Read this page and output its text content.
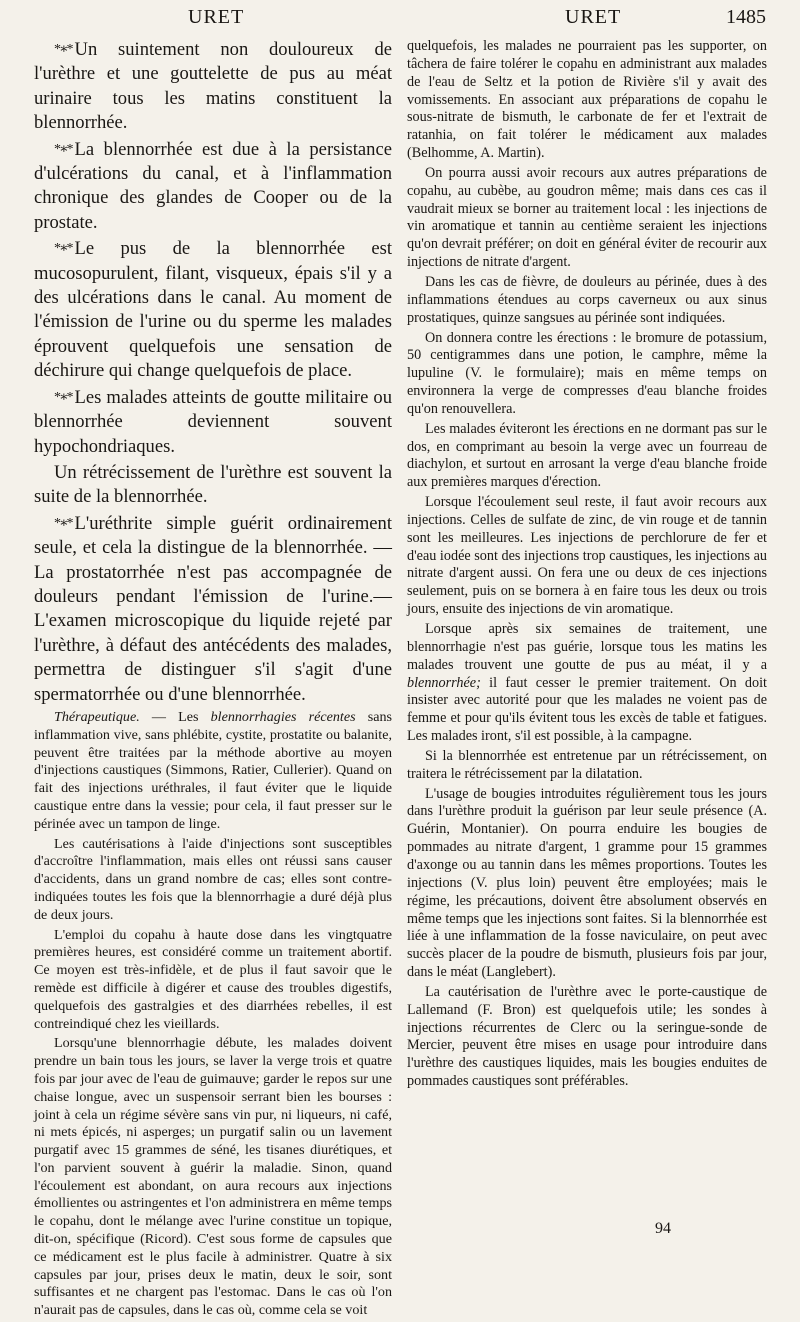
URET	URET	1485

*∗* Un suintement non douloureux de l'urèthre et une gouttelette de pus au méat urinaire tous les matins constituent la blennorrhée.

*∗* La blennorrhée est due à la persistance d'ulcérations du canal, et à l'inflammation chronique des glandes de Cooper ou de la prostate.

*∗* Le pus de la blennorrhée est mucosopurulent, filant, visqueux, épais s'il y a des ulcérations dans le canal. Au moment de l'émission de l'urine ou du sperme les malades éprouvent quelquefois une sensation de déchirure qui change quelquefois de place.

*∗* Les malades atteints de goutte militaire ou blennorrhée deviennent souvent hypochondriaques.

Un rétrécissement de l'urèthre est souvent la suite de la blennorrhée.

*∗* L'uréthrite simple guérit ordinairement seule, et cela la distingue de la blennorrhée. — La prostatorrhée n'est pas accompagnée de douleurs pendant l'émission de l'urine.—L'examen microscopique du liquide rejeté par l'urèthre, à défaut des antécédents des malades, permettra de distinguer s'il s'agit d'une spermatorrhée ou d'une blennorrhée.

Thérapeutique. — Les blennorrhagies récentes sans inflammation vive, sans phlébite, cystite, prostatite ou balanite, peuvent être traitées par la méthode abortive au moyen d'injections caustiques (Simmons, Ratier, Cullerier). Quand on fait des injections uréthrales, il faut éviter que le liquide caustique entre dans la vessie; pour cela, il faut presser sur le périnée avec un tampon de linge.

Les cautérisations à l'aide d'injections sont susceptibles d'accroître l'inflammation, mais elles ont réussi sans causer d'accidents, dans un grand nombre de cas; elles sont contre-indiquées toutes les fois que la blennorrhagie a duré déjà plus de deux jours.

L'emploi du copahu à haute dose dans les vingtquatre premières heures, est considéré comme un traitement abortif. Ce moyen est très-infidèle, et de plus il faut savoir que le remède est difficile à digérer et cause des troubles digestifs, quelquefois des gastralgies et des diarrhées rebelles, il est contreindiqué chez les vieillards.

Lorsqu'une blennorrhagie débute, les malades doivent prendre un bain tous les jours, se laver la verge trois et quatre fois par jour avec de l'eau de guimauve; garder le repos sur une chaise longue, avec un suspensoir serrant bien les bourses : joint à cela un régime sévère sans vin pur, ni liqueurs, ni café, ni mets épicés, ni asperges; un purgatif salin ou un lavement purgatif avec 15 grammes de séné, les tisanes diurétiques, et l'on parvient souvent à guérir la maladie. Sinon, quand l'écoulement est abondant, on aura recours aux injections émollientes ou astringentes et l'on administrera en même temps le copahu, dont le mélange avec l'urine constitue un topique, dit-on, spécifique (Ricord). C'est sous forme de capsules que ce médicament est le plus facile à administrer. Quatre à six capsules par jour, prises deux le matin, deux le soir, sont suffisantes et ne chargent pas l'estomac. Dans le cas où l'on n'aurait pas de capsules, dans le cas où, comme cela se voit

quelquefois, les malades ne pourraient pas les supporter, on tâchera de faire tolérer le copahu en administrant aux malades de l'eau de Seltz et la potion de Rivière s'il y avait des vomissements. En associant aux préparations de copahu le sous-nitrate de bismuth, le carbonate de fer et l'extrait de ratanhia, on fait tolérer le médicament aux malades (Belhomme, A. Martin).

On pourra aussi avoir recours aux autres préparations de copahu, au cubèbe, au goudron même; mais dans ces cas il vaudrait mieux se borner au traitement local : les injections de vin aromatique et tannin au centième seraient les injections qu'on devrait préférer; on doit en général éviter de recourir aux injections de nitrate d'argent.

Dans les cas de fièvre, de douleurs au périnée, dues à des inflammations étendues au corps caverneux ou aux sinus prostatiques, quinze sangsues au périnée sont indiquées.

On donnera contre les érections : le bromure de potassium, 50 centigrammes dans une potion, le camphre, même la lupuline (V. le formulaire); mais en même temps on environnera la verge de compresses d'eau blanche froides qu'on renouvellera.

Les malades éviteront les érections en ne dormant pas sur le dos, en comprimant au besoin la verge avec un fourreau de diachylon, et surtout en arrosant la verge d'eau blanche froide aux premières marques d'érection.

Lorsque l'écoulement seul reste, il faut avoir recours aux injections. Celles de sulfate de zinc, de vin rouge et de tannin sont les meilleures. Les injections de perchlorure de fer et d'eau iodée sont des injections trop caustiques, les injections au nitrate d'argent aussi. On fera une ou deux de ces injections seulement, puis on se bornera à en faire tous les deux ou trois jours, ensuite des injections de vin aromatique.

Lorsque après six semaines de traitement, une blennorrhagie n'est pas guérie, lorsque tous les matins les malades trouvent une goutte de pus au méat, il y a blennorrhée; il faut cesser le premier traitement. On doit insister avec autorité pour que les malades ne voient pas de femme et pour qu'ils évitent tous les excès de table et fatigues. Les malades iront, s'il est possible, à la campagne.

Si la blennorrhée est entretenue par un rétrécissement, on traitera le rétrécissement par la dilatation.

L'usage de bougies introduites régulièrement tous les jours dans l'urèthre produit la guérison par leur seule présence (A. Guérin, Montanier). On pourra enduire les bougies de pommades au nitrate d'argent, 1 gramme pour 15 grammes d'axonge ou au tannin dans les mêmes proportions. Toutes les injections (V. plus loin) peuvent être employées; mais le régime, les précautions, doivent être absolument observés en même temps que les injections sont faites. Si la blennorrhée est liée à une inflammation de la fosse naviculaire, on peut avec succès placer de la poudre de bismuth, plusieurs fois par jour, dans le méat (Langlebert).

La cautérisation de l'urèthre avec le porte-caustique de Lallemand (F. Bron) est quelquefois utile; les sondes à injections récurrentes de Clerc ou la seringue-sonde de Mercier, peuvent être mises en usage pour introduire dans l'urèthre des caustiques liquides, mais les bougies enduites de pommades caustiques sont préférables.

94
